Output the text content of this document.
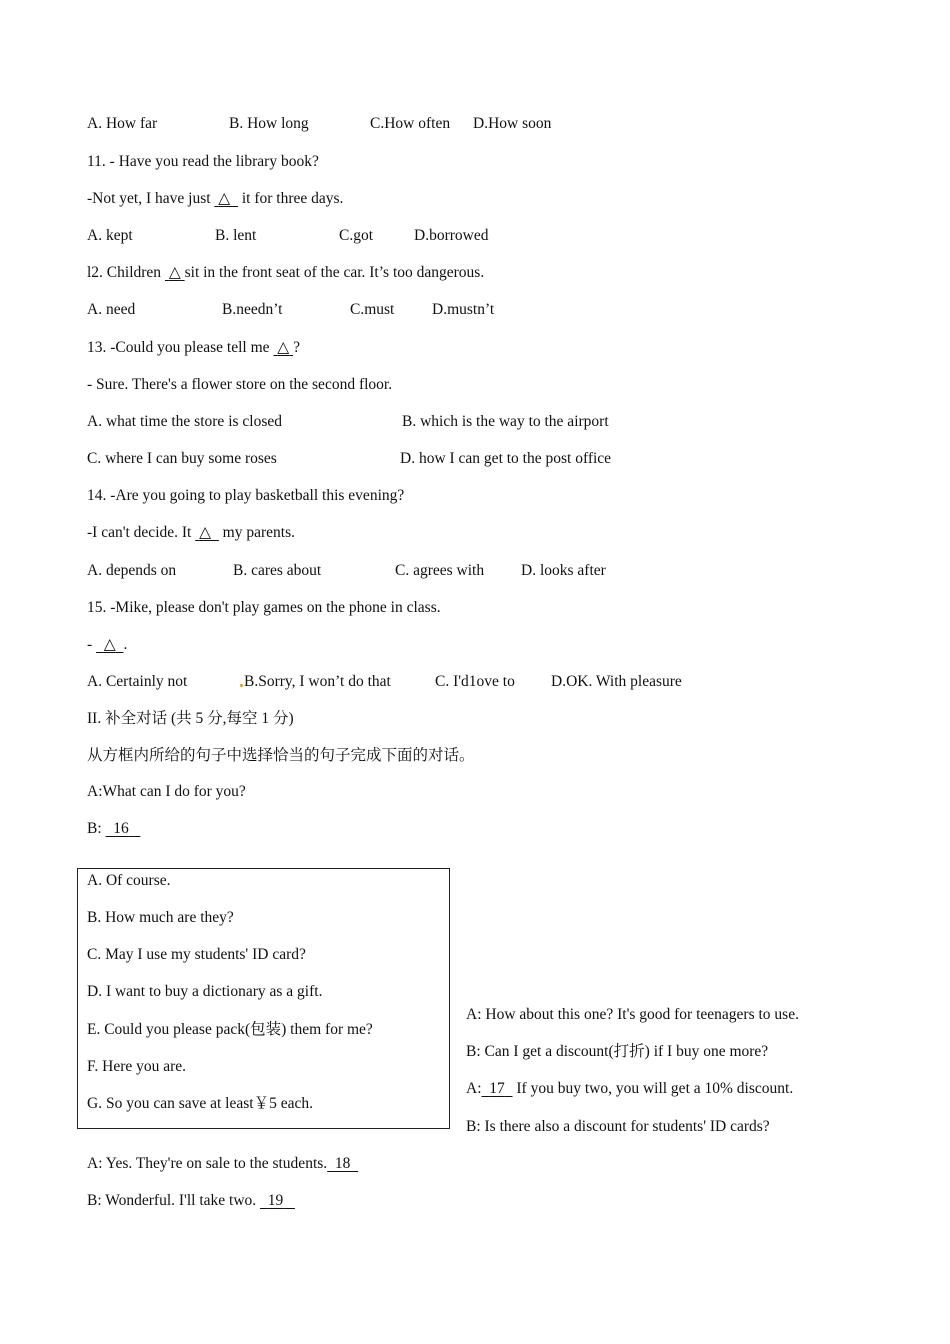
A. How far	B. How long	C.How often D.How soon
11. - Have you read the library book?
-Not yet, I have just  △   it for three days.
A. kept	B. lent	C.got	D.borrowed
l2. Children  △ sit in the front seat of the car. It’s too dangerous.
A. need	B.needn’t	C.must D.mustn’t
13. -Could you please tell me  △ ?
- Sure. There's a flower store on the second floor.
A. what time the store is closed	B. which is the way to the airport
C. where I can buy some roses	D. how I can get to the post office
14. -Are you going to play basketball this evening?
-I can't decide. It  △   my parents.
A. depends on	B. cares about	C. agrees with D. looks after
15. -Mike, please don't play games on the phone in class.
-   △ .
A. Certainly not	B.Sorry, I won’t do that	C. I'd1ove to D.OK. With pleasure
II. 补全对话 (共 5 分,每空 1 分)
从方框内所给的句子中选择恰当的句子完成下面的对话。
A:What can I do for you?
B:   16
A. Of course.
B. How much are they?
C. May I use my students' ID card?
D. I want to buy a dictionary as a gift.
E. Could you please pack(包装) them for me?
F. Here you are.
G. So you can save at least￥5 each.
A: How about this one? It's good for teenagers to use.
B: Can I get a discount(打折) if I buy one more?
A: 17   If you buy two, you will get a 10% discount.
B: Is there also a discount for students' ID cards?
A: Yes. They're on sale to the students. 18
B: Wonderful. I'll take two.   19
